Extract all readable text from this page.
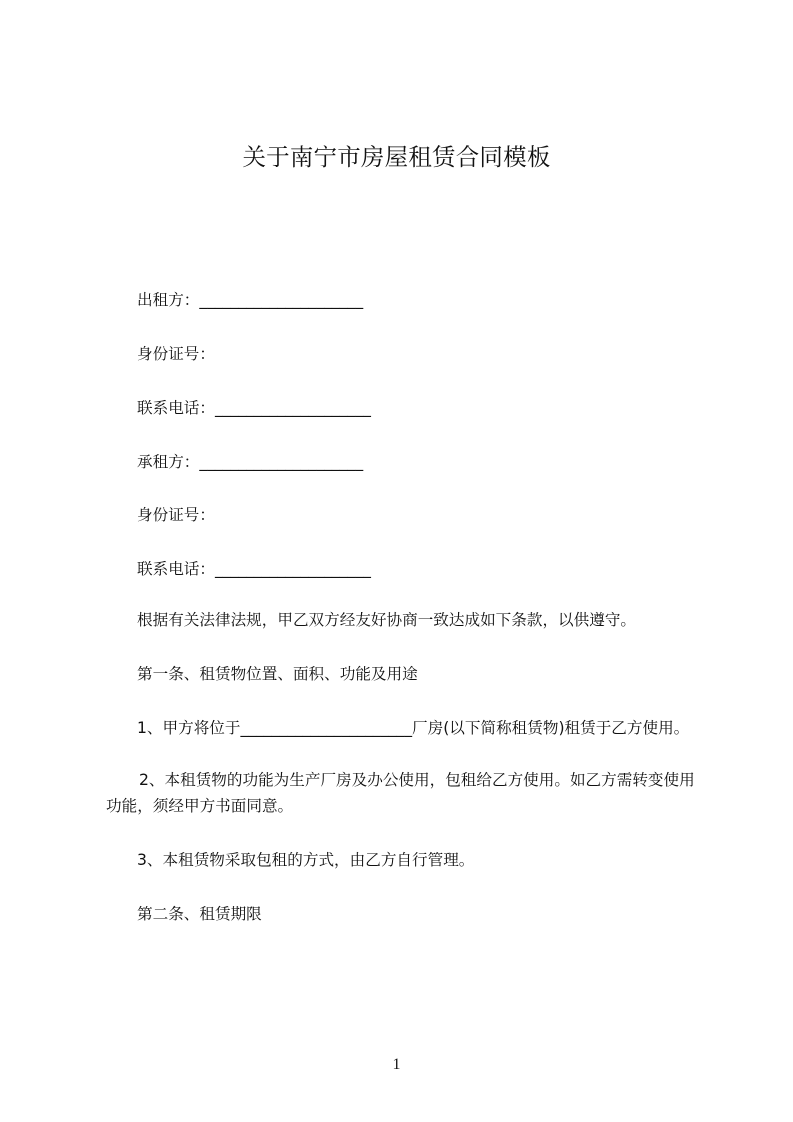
关于南宁市房屋租赁合同模板
出租方：_____________________
身份证号：
联系电话：____________________
承租方：_____________________
身份证号：
联系电话：____________________
根据有关法律法规，甲乙双方经友好协商一致达成如下条款，以供遵守。
第一条、租赁物位置、面积、功能及用途
1、甲方将位于______________________厂房(以下简称租赁物)租赁于乙方使用。
2、本租赁物的功能为生产厂房及办公使用，包租给乙方使用。如乙方需转变使用
功能，须经甲方书面同意。
3、本租赁物采取包租的方式，由乙方自行管理。
第二条、租赁期限
1
